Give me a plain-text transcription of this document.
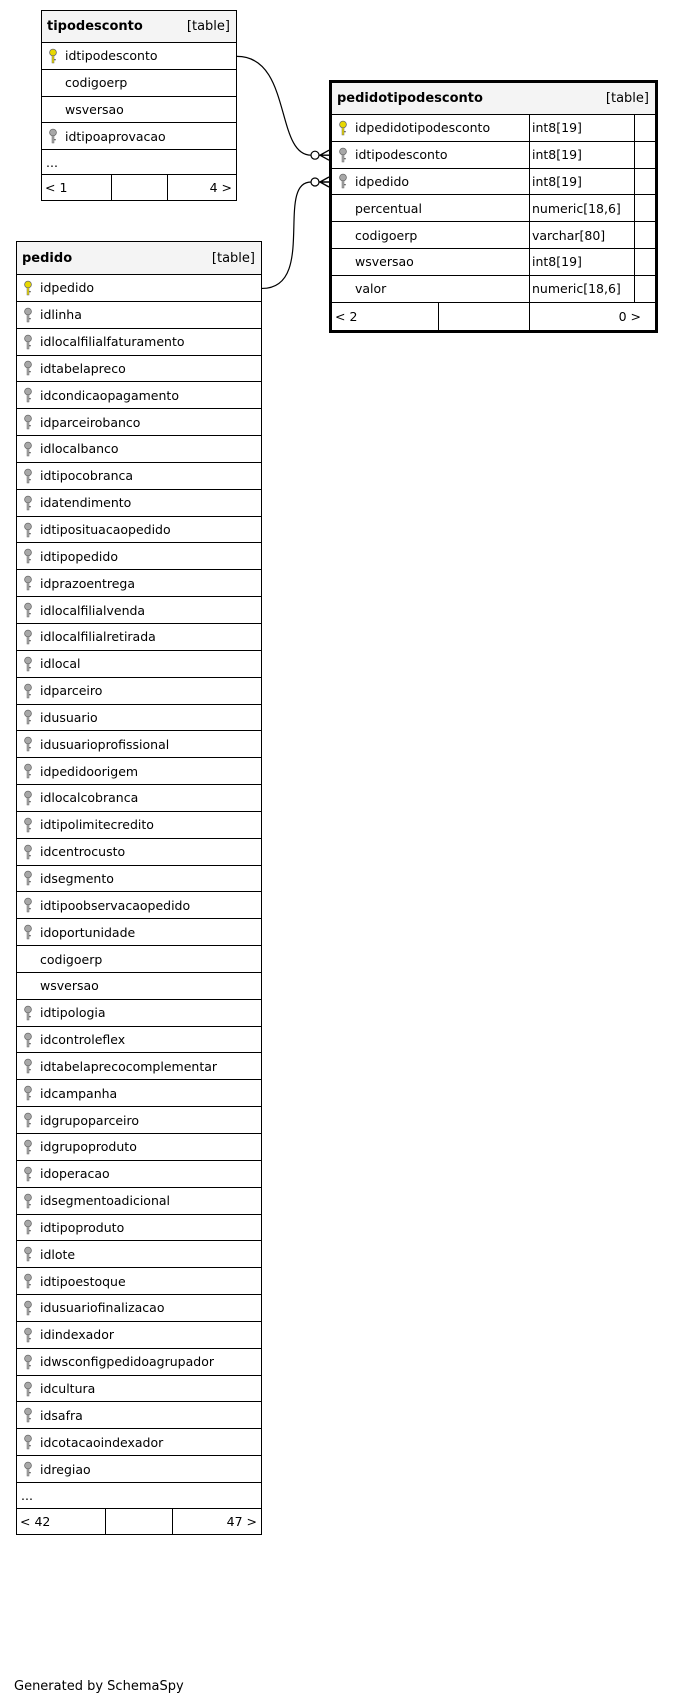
tipodesconto	[table]
idtipodesconto
codigoerp
wsversao
idtipoaprovacao
...
< 1	4 >
pedidotipodesconto	[table]
idpedidotipodesconto	int8[19]
idtipodesconto	int8[19]
idpedido	int8[19]
percentual	numeric[18,6]
codigoerp	varchar[80]
wsversao	int8[19]
valor	numeric[18,6]
< 2	0 >
pedido	[table]
idpedido
idlinha
idlocalfilialfaturamento
idtabelapreco
idcondicaopagamento
idparceirobanco
idlocalbanco
idtipocobranca
idatendimento
idtiposituacaopedido
idtipopedido
idprazoentrega
idlocalfilialvenda
idlocalfilialretirada
idlocal
idparceiro
idusuario
idusuarioprofissional
idpedidoorigem
idlocalcobranca
idtipolimitecredito
idcentrocusto
idsegmento
idtipoobservacaopedido
idoportunidade
codigoerp
wsversao
idtipologia
idcontroleflex
idtabelaprecocomplementar
idcampanha
idgrupoparceiro
idgrupoproduto
idoperacao
idsegmentoadicional
idtipoproduto
idlote
idtipoestoque
idusuariofinalizacao
idindexador
idwsconfigpedidoagrupador
idcultura
idsafra
idcotacaoindexador
idregiao
...
< 42	47 >
Generated by SchemaSpy
